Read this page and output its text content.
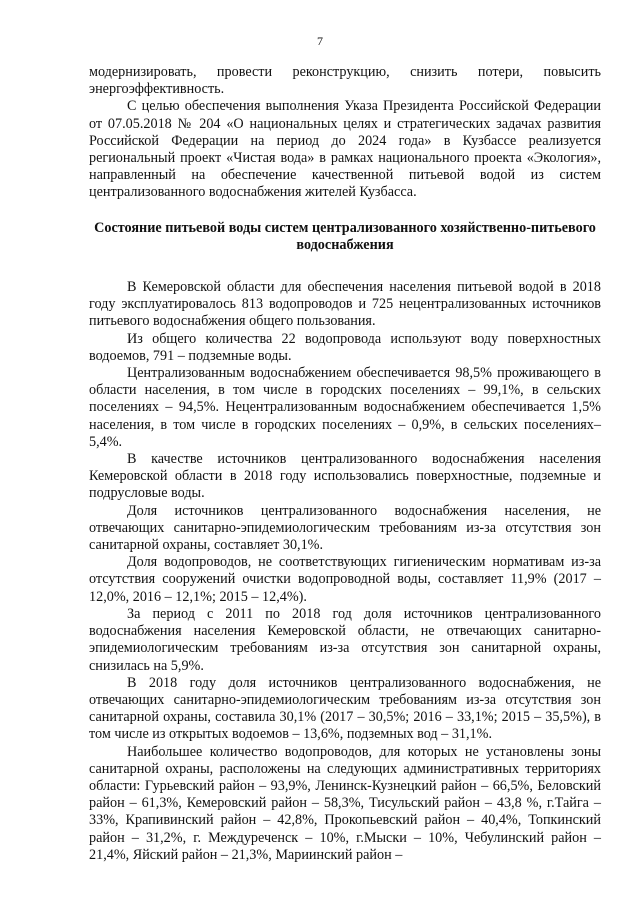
7

модернизировать, провести реконструкцию, снизить потери, повысить энергоэффективность.

С целью обеспечения выполнения Указа Президента Российской Федерации от 07.05.2018 № 204 «О национальных целях и стратегических задачах развития Российской Федерации на период до 2024 года» в Кузбассе реализуется региональный проект «Чистая вода» в рамках национального проекта «Экология», направленный на обеспечение качественной питьевой водой из систем централизованного водоснабжения жителей Кузбасса.

Состояние питьевой воды систем централизованного хозяйственно-питьевого водоснабжения

В Кемеровской области для обеспечения населения питьевой водой в 2018 году эксплуатировалось 813 водопроводов и 725 нецентрализованных источников питьевого водоснабжения общего пользования.

Из общего количества 22 водопровода используют воду поверхностных водоемов, 791 – подземные воды.

Централизованным водоснабжением обеспечивается 98,5% проживающего в области населения, в том числе в городских поселениях – 99,1%, в сельских поселениях – 94,5%. Нецентрализованным водоснабжением обеспечивается 1,5% населения, в том числе в городских поселениях – 0,9%, в сельских поселениях– 5,4%.

В качестве источников централизованного водоснабжения населения Кемеровской области в 2018 году использовались поверхностные, подземные и подрусловые воды.

Доля источников централизованного водоснабжения населения, не отвечающих санитарно-эпидемиологическим требованиям из-за отсутствия зон санитарной охраны, составляет 30,1%.

Доля водопроводов, не соответствующих гигиеническим нормативам из-за отсутствия сооружений очистки водопроводной воды, составляет 11,9% (2017 – 12,0%, 2016 – 12,1%; 2015 – 12,4%).

За период с 2011 по 2018 год доля источников централизованного водоснабжения населения Кемеровской области, не отвечающих санитарно-эпидемиологическим требованиям из-за отсутствия зон санитарной охраны, снизилась на 5,9%.

В 2018 году доля источников централизованного водоснабжения, не отвечающих санитарно-эпидемиологическим требованиям из-за отсутствия зон санитарной охраны, составила 30,1% (2017 – 30,5%; 2016 – 33,1%; 2015 – 35,5%), в том числе из открытых водоемов – 13,6%, подземных вод – 31,1%.

Наибольшее количество водопроводов, для которых не установлены зоны санитарной охраны, расположены на следующих административных территориях области: Гурьевский район – 93,9%, Ленинск-Кузнецкий район – 66,5%, Беловский район – 61,3%, Кемеровский район – 58,3%, Тисульский район – 43,8 %, г.Тайга – 33%, Крапивинский район – 42,8%, Прокопьевский район – 40,4%, Топкинский район – 31,2%, г. Междуреченск – 10%, г.Мыски – 10%, Чебулинский район – 21,4%, Яйский район – 21,3%, Мариинский район –
